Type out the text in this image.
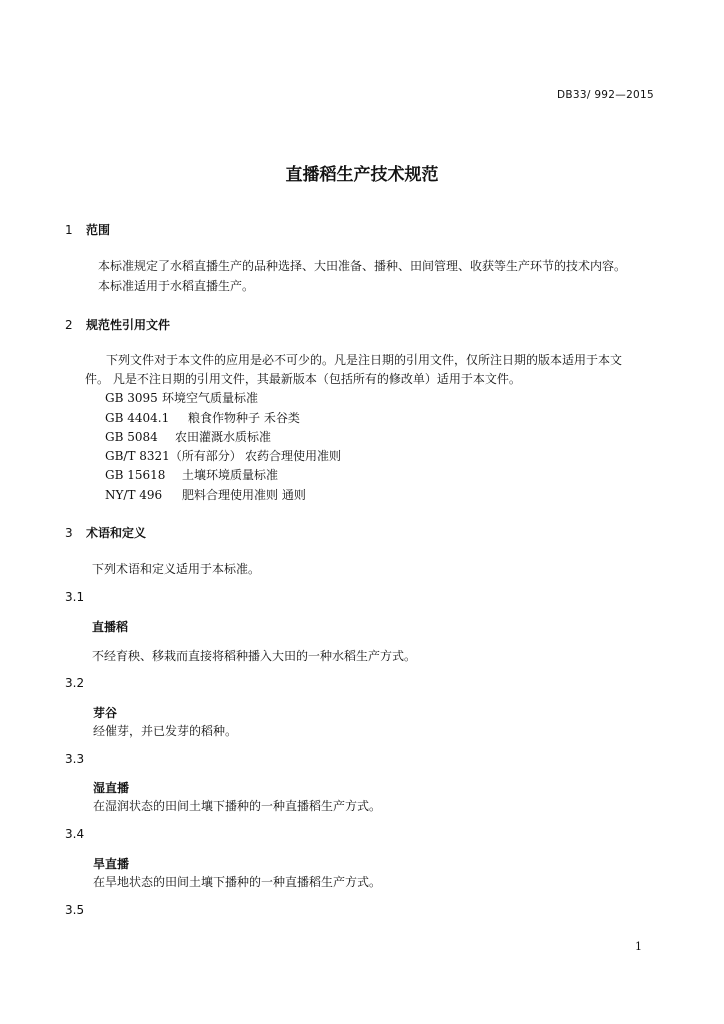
DB33/ 992—2015
直播稻生产技术规范
1 范围
本标准规定了水稻直播生产的品种选择、大田准备、播种、田间管理、收获等生产环节的技术内容。
本标准适用于水稻直播生产。
2 规范性引用文件
下列文件对于本文件的应用是必不可少的。凡是注日期的引用文件，仅所注日期的版本适用于本文
件。 凡是不注日期的引用文件，其最新版本（包括所有的修改单）适用于本文件。
GB 3095 环境空气质量标准
GB 4404.1 粮食作物种子 禾谷类
GB 5084 农田灌溉水质标准
GB/T 8321（所有部分） 农药合理使用准则
GB 15618 土壤环境质量标准
NY/T 496 肥料合理使用准则 通则
3 术语和定义
下列术语和定义适用于本标准。
3.1
直播稻
不经育秧、移栽而直接将稻种播入大田的一种水稻生产方式。
3.2
芽谷
经催芽，并已发芽的稻种。
3.3
湿直播
在湿润状态的田间土壤下播种的一种直播稻生产方式。
3.4
旱直播
在旱地状态的田间土壤下播种的一种直播稻生产方式。
3.5
1
